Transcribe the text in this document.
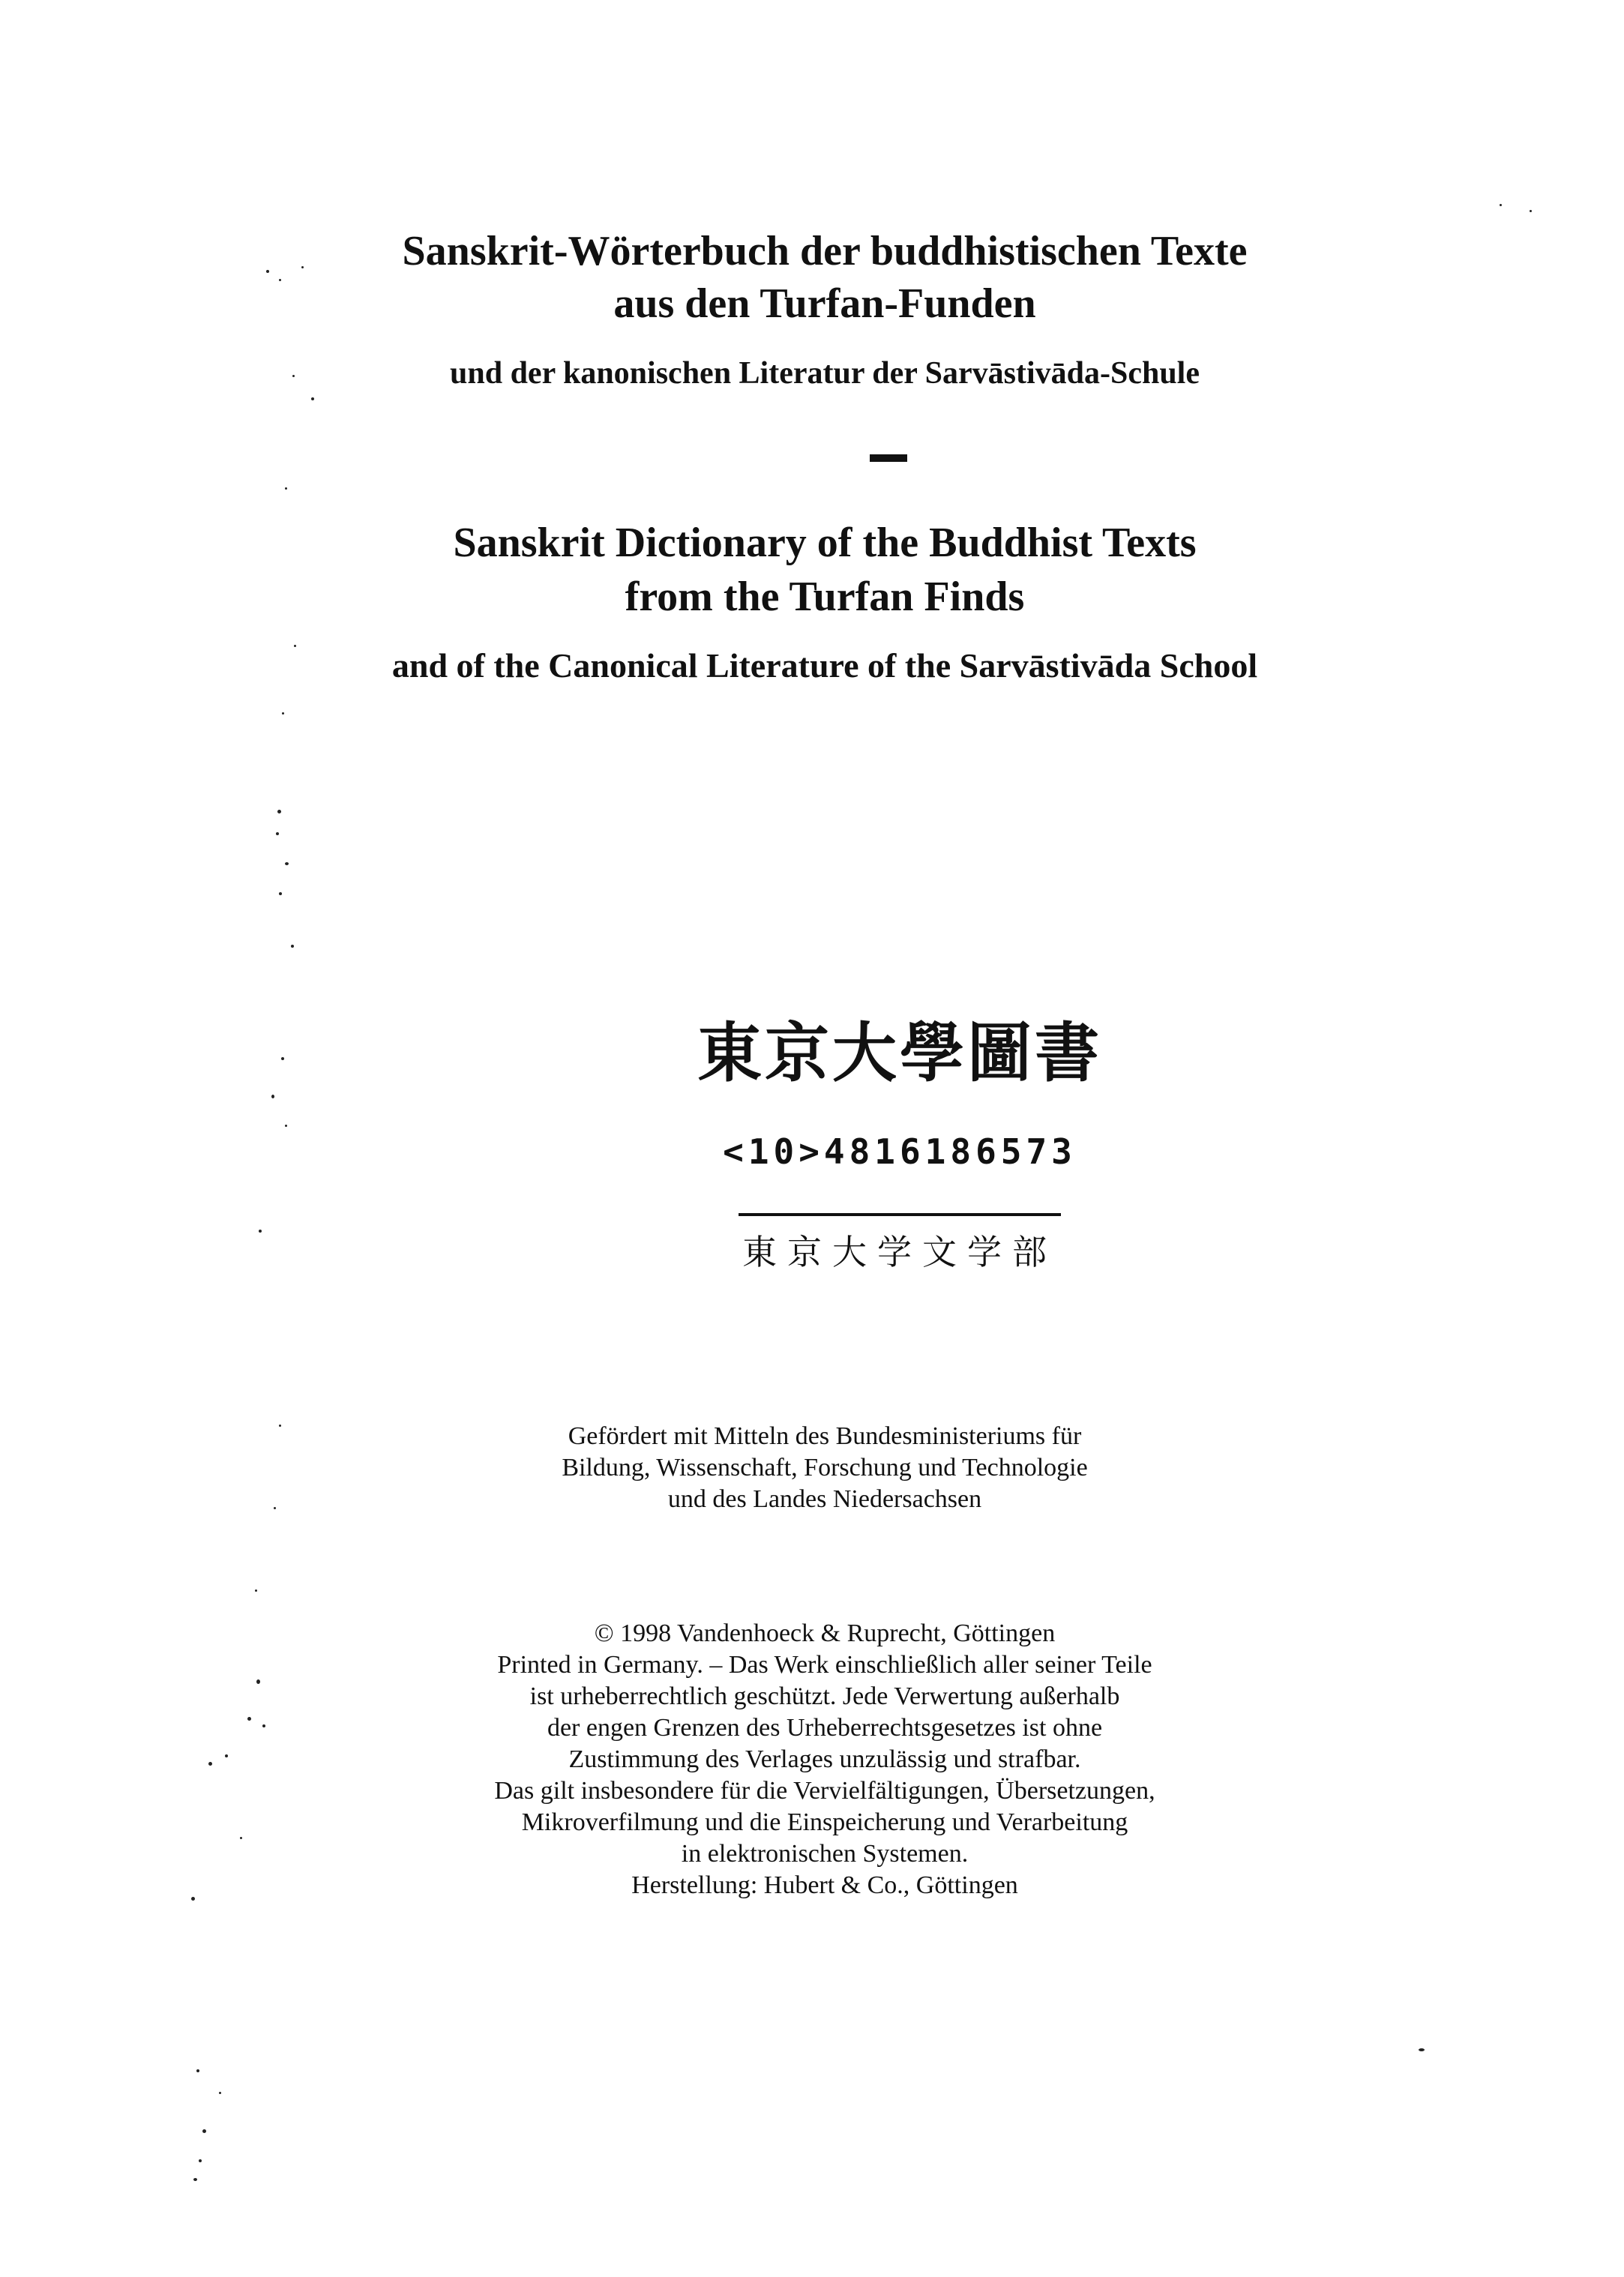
Sanskrit-Wörterbuch der buddhistischen Texte
aus den Turfan-Funden
und der kanonischen Literatur der Sarvāstivāda-Schule
Sanskrit Dictionary of the Buddhist Texts
from the Turfan Finds
and of the Canonical Literature of the Sarvāstivāda School
東京大學圖書
<10>4816186573
東京大学文学部
Gefördert mit Mitteln des Bundesministeriums für
Bildung, Wissenschaft, Forschung und Technologie
und des Landes Niedersachsen
© 1998 Vandenhoeck & Ruprecht, Göttingen
Printed in Germany. – Das Werk einschließlich aller seiner Teile
ist urheberrechtlich geschützt. Jede Verwertung außerhalb
der engen Grenzen des Urheberrechtsgesetzes ist ohne
Zustimmung des Verlages unzulässig und strafbar.
Das gilt insbesondere für die Vervielfältigungen, Übersetzungen,
Mikroverfilmung und die Einspeicherung und Verarbeitung
in elektronischen Systemen.
Herstellung: Hubert & Co., Göttingen
